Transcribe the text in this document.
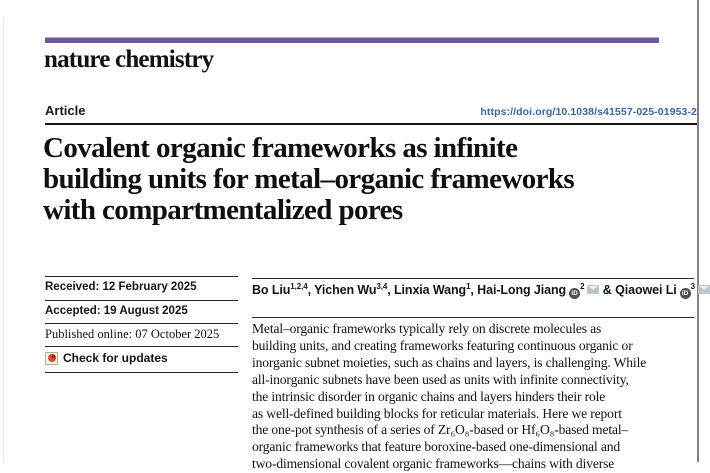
nature chemistry
Article	https://doi.org/10.1038/s41557-025-01953-2
Covalent organic frameworks as infinite
building units for metal–organic frameworks
with compartmentalized pores
Received: 12 February 2025
Accepted: 19 August 2025
Published online: 07 October 2025
Check for updates
Bo Liu$^{1,2,4}$, Yichen Wu$^{3,4}$, Linxia Wang$^1$, Hai-Long Jiang $iD^2$ & Qiaowei Li $iD^3$
Metal–organic frameworks typically rely on discrete molecules as
building units, and creating frameworks featuring continuous organic or
inorganic subnet moieties, such as chains and layers, is challenging. While
all-inorganic subnets have been used as units with infinite connectivity,
the intrinsic disorder in organic chains and layers hinders their role
as well-defined building blocks for reticular materials. Here we report
the one-pot synthesis of a series of Zr₆O₈-based or Hf₆O₈-based metal–
organic frameworks that feature boroxine-based one-dimensional and
two-dimensional covalent organic frameworks—chains with diverse
